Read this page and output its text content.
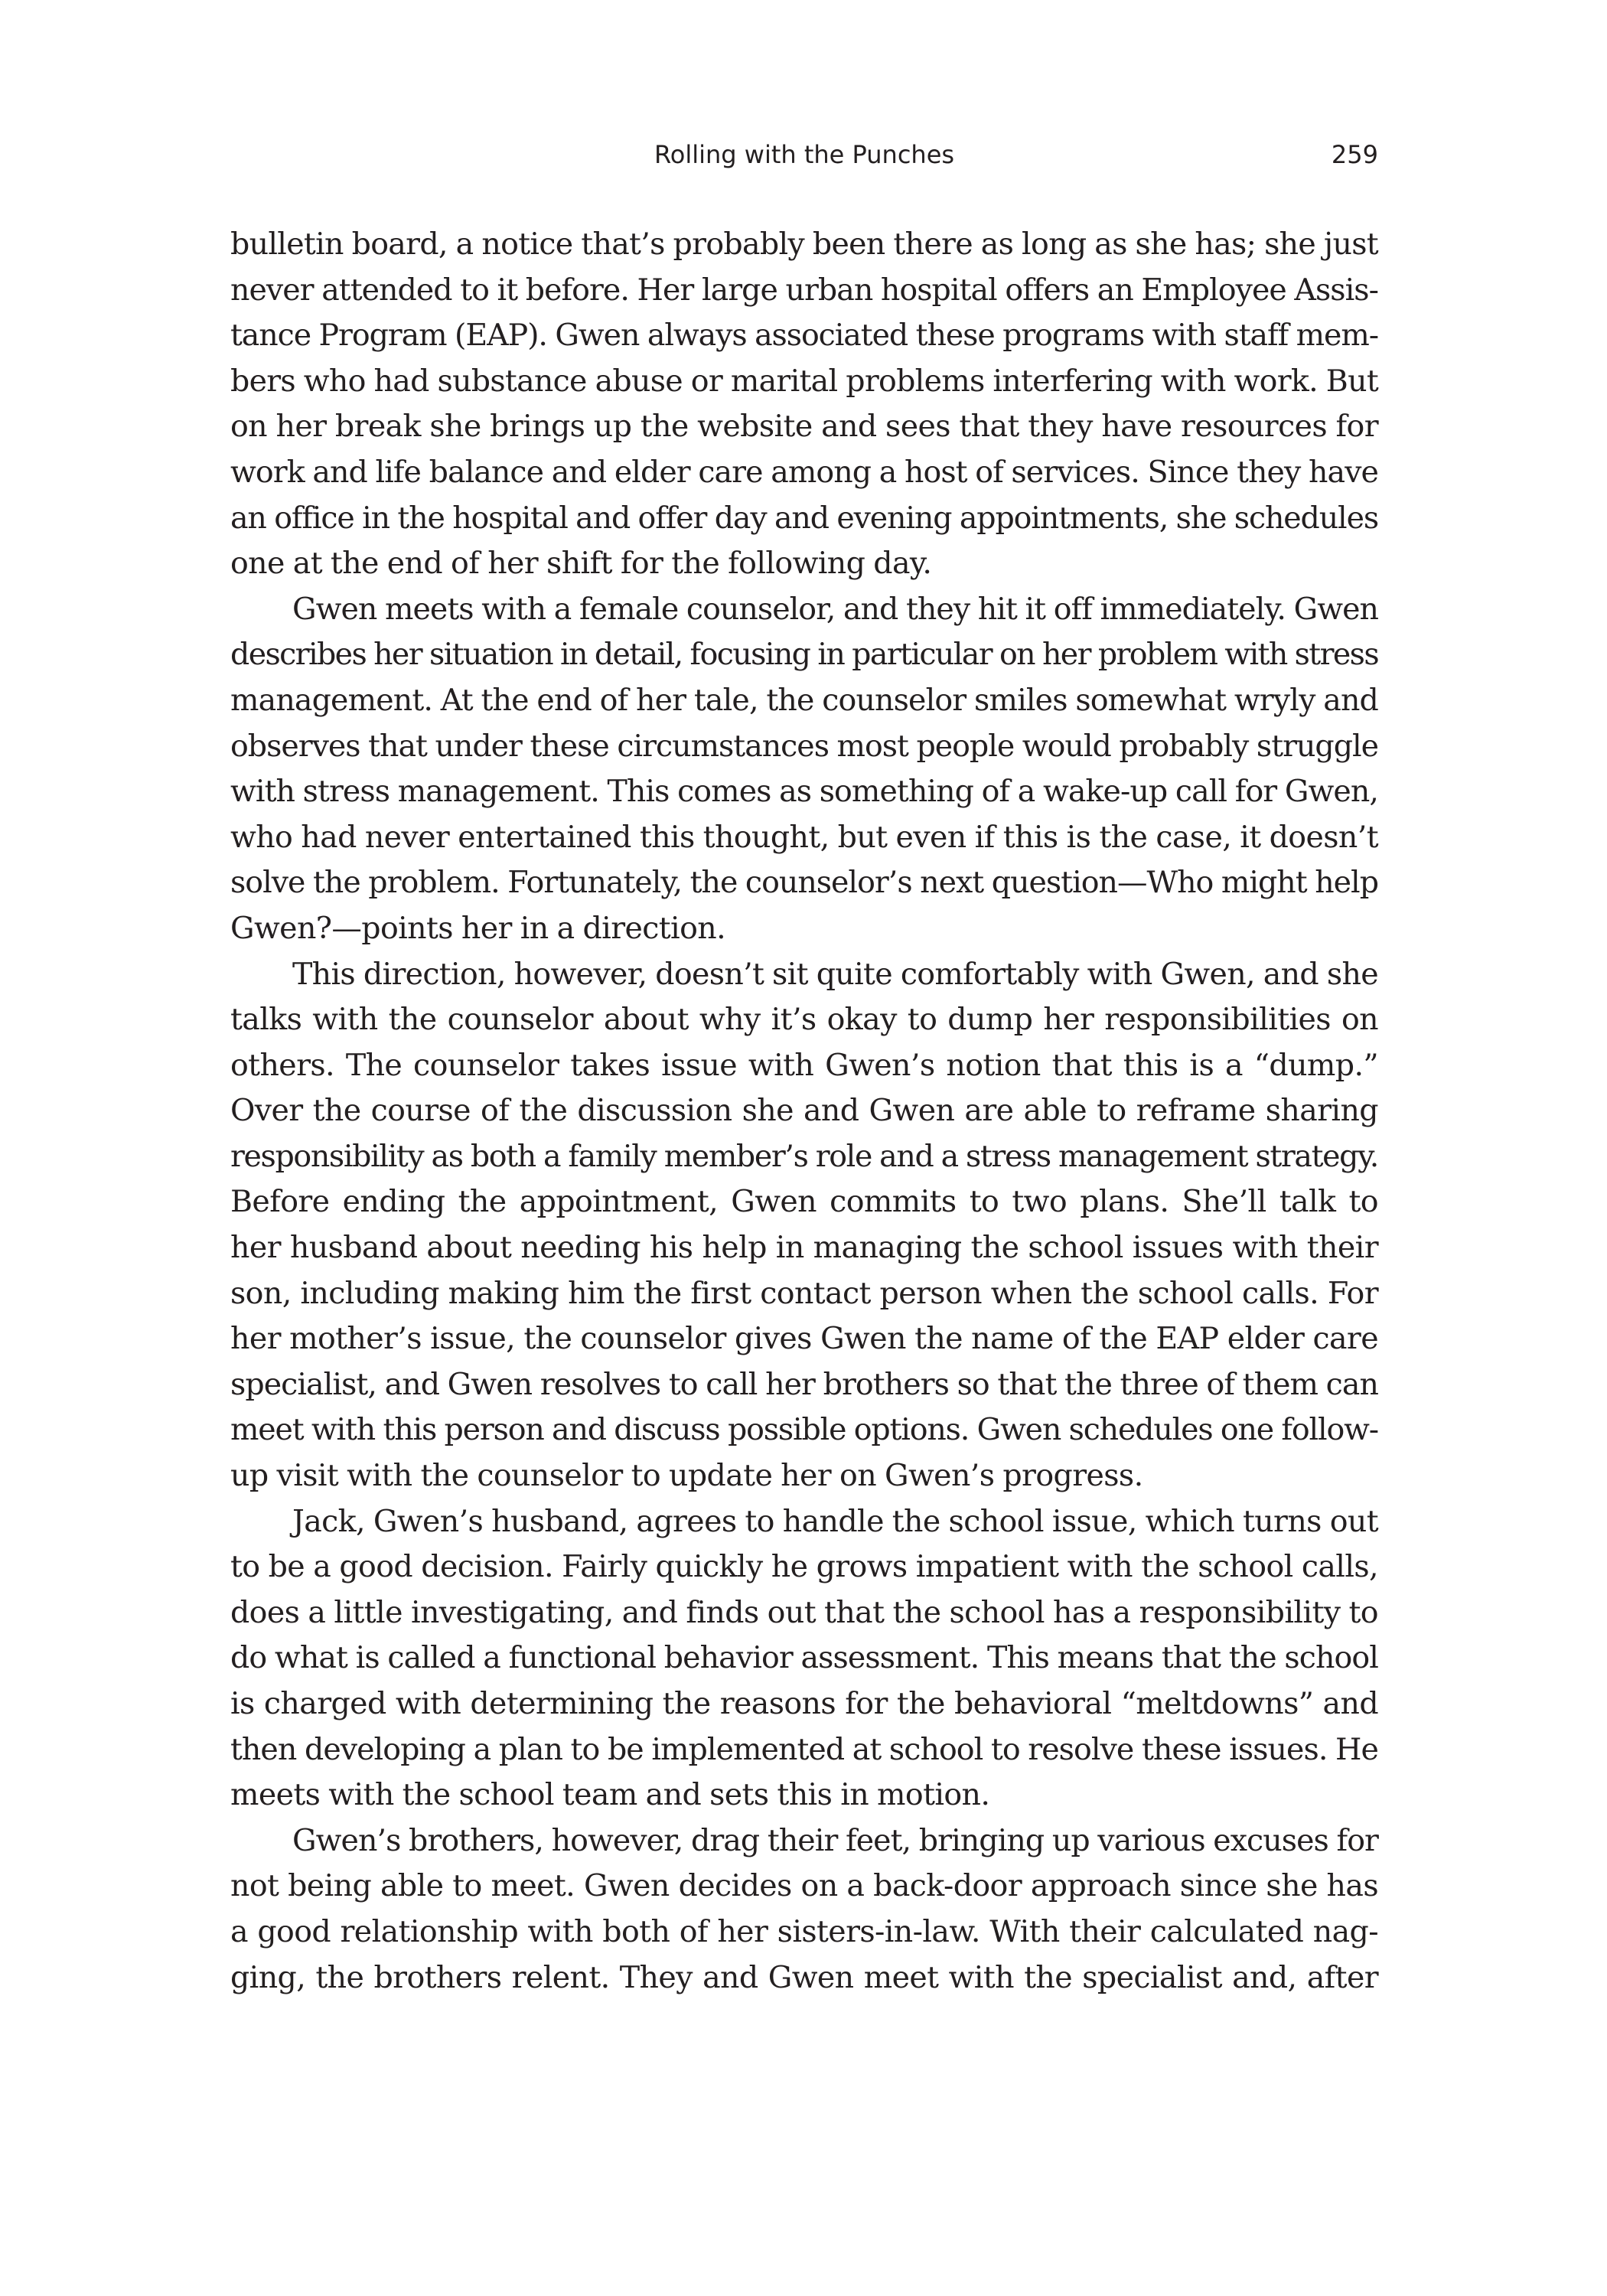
Rolling with the Punches	259
bulletin board, a notice that’s probably been there as long as she has; she just
never attended to it before. Her large urban hospital offers an Employee Assis-
tance Program (EAP). Gwen always associated these programs with staff mem-
bers who had substance abuse or marital problems interfering with work. But
on her break she brings up the website and sees that they have resources for
work and life balance and elder care among a host of services. Since they have
an office in the hospital and offer day and evening appointments, she schedules
one at the end of her shift for the following day.
Gwen meets with a female counselor, and they hit it off immediately. Gwen
describes her situation in detail, focusing in particular on her problem with stress
management. At the end of her tale, the counselor smiles somewhat wryly and
observes that under these circumstances most people would probably struggle
with stress management. This comes as something of a wake-up call for Gwen,
who had never entertained this thought, but even if this is the case, it doesn’t
solve the problem. Fortunately, the counselor’s next question—Who might help
Gwen?—points her in a direction.
This direction, however, doesn’t sit quite comfortably with Gwen, and she
talks with the counselor about why it’s okay to dump her responsibilities on
others. The counselor takes issue with Gwen’s notion that this is a “dump.”
Over the course of the discussion she and Gwen are able to reframe sharing
responsibility as both a family member’s role and a stress management strategy.
Before ending the appointment, Gwen commits to two plans. She’ll talk to
her husband about needing his help in managing the school issues with their
son, including making him the first contact person when the school calls. For
her mother’s issue, the counselor gives Gwen the name of the EAP elder care
specialist, and Gwen resolves to call her brothers so that the three of them can
meet with this person and discuss possible options. Gwen schedules one follow-
up visit with the counselor to update her on Gwen’s progress.
Jack, Gwen’s husband, agrees to handle the school issue, which turns out
to be a good decision. Fairly quickly he grows impatient with the school calls,
does a little investigating, and finds out that the school has a responsibility to
do what is called a functional behavior assessment. This means that the school
is charged with determining the reasons for the behavioral “meltdowns” and
then developing a plan to be implemented at school to resolve these issues. He
meets with the school team and sets this in motion.
Gwen’s brothers, however, drag their feet, bringing up various excuses for
not being able to meet. Gwen decides on a back-door approach since she has
a good relationship with both of her sisters-in-law. With their calculated nag-
ging, the brothers relent. They and Gwen meet with the specialist and, after
